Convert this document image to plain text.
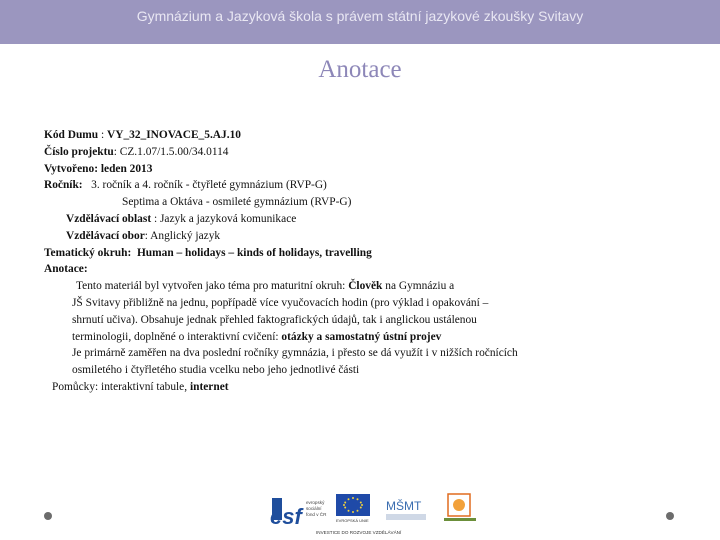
Gymnázium a Jazyková škola s právem státní jazykové zkoušky Svitavy
Anotace
Kód Dumu : VY_32_INOVACE_5.AJ.10
Číslo projektu: CZ.1.07/1.5.00/34.0114
Vytvořeno: leden 2013
Ročník: 3. ročník a 4. ročník - čtyřleté gymnázium (RVP-G)
Septima a Oktáva - osmileté gymnázium (RVP-G)
Vzdělávací oblast : Jazyk a jazyková komunikace
Vzdělávací obor: Anglický jazyk
Tematický okruh: Human – holidays – kinds of holidays, travelling
Anotace:
Tento materiál byl vytvořen jako téma pro maturitní okruh: Člověk na Gymnáziu a
JŠ Svitavy přibližně na jednu, popřípadě více vyučovacích hodin (pro výklad i opakování –
shrnutí učiva). Obsahuje jednak přehled faktografických údajů, tak i anglickou ustálenou
terminologii, doplněné o interaktivní cvičení: otázky a samostatný ústní projev
Je primárně zaměřen na dva poslední ročníky gymnázia, i přesto se dá využít i v nižších ročnících
osmiletého i čtyřletého studia vcelku nebo jeho jednotlivé části
Pomůcky: interaktivní tabule, internet
esf
evropský
sociální
fond v ČR
EVROPSKÁ UNIE
MŠMT
INVESTICE DO ROZVOJE VZDĚLÁVÁNÍ
